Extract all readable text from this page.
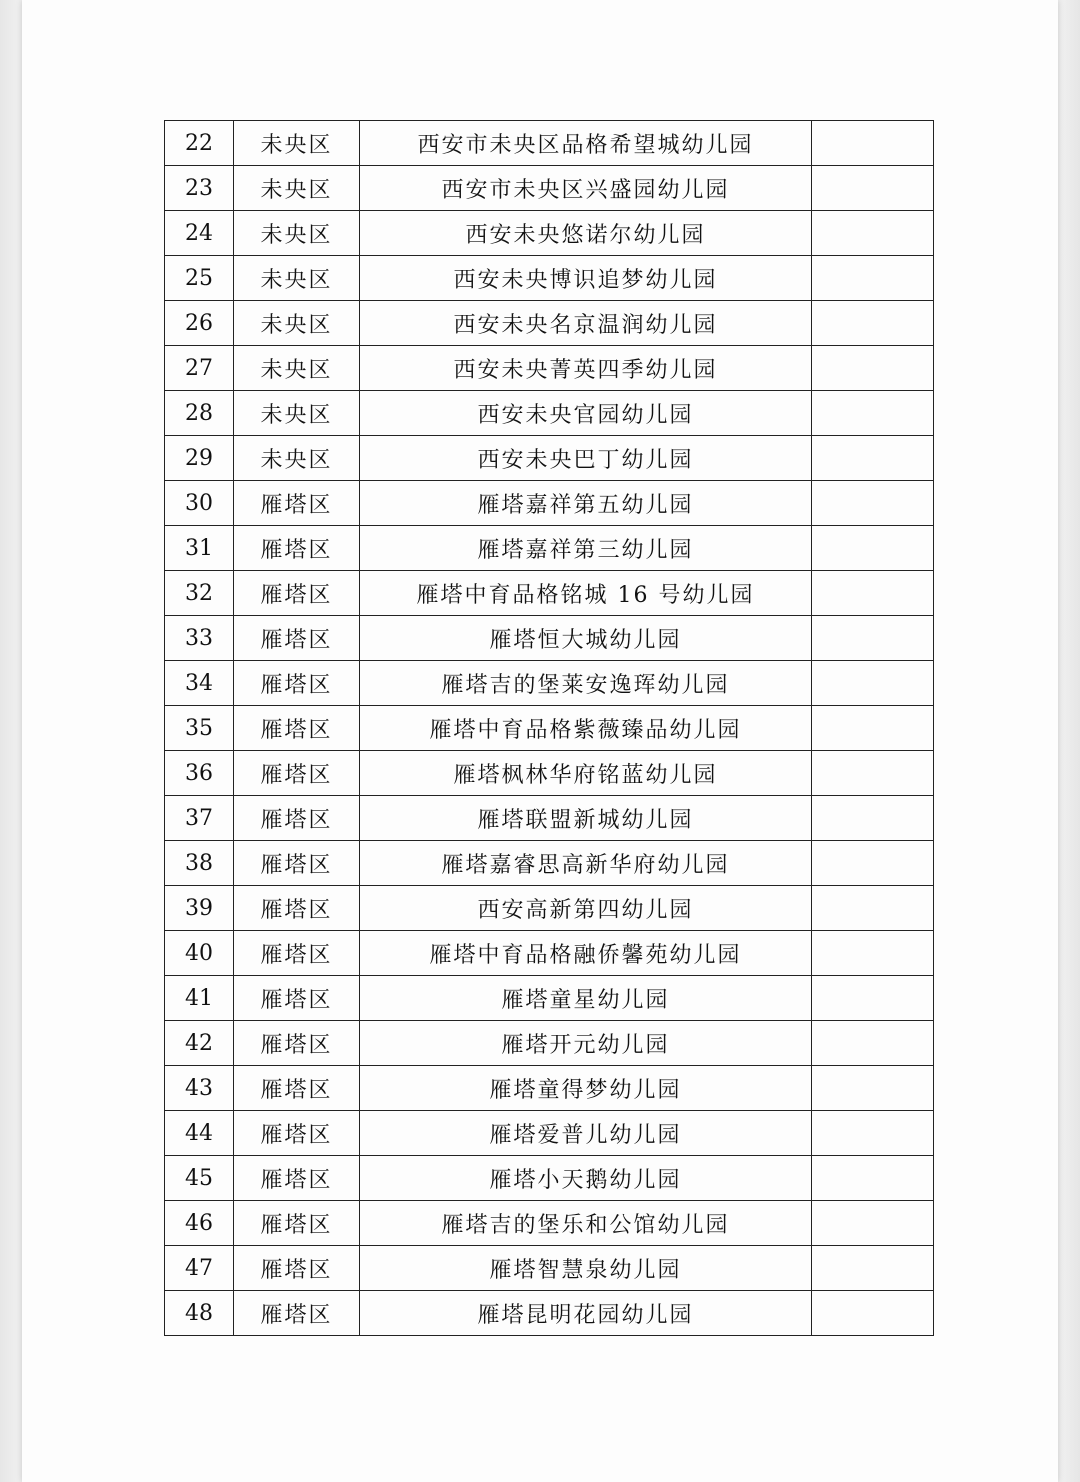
22	未央区	西安市未央区品格希望城幼儿园	
23	未央区	西安市未央区兴盛园幼儿园	
24	未央区	西安未央悠诺尔幼儿园	
25	未央区	西安未央博识追梦幼儿园	
26	未央区	西安未央名京温润幼儿园	
27	未央区	西安未央菁英四季幼儿园	
28	未央区	西安未央官园幼儿园	
29	未央区	西安未央巴丁幼儿园	
30	雁塔区	雁塔嘉祥第五幼儿园	
31	雁塔区	雁塔嘉祥第三幼儿园	
32	雁塔区	雁塔中育品格铭城 16 号幼儿园	
33	雁塔区	雁塔恒大城幼儿园	
34	雁塔区	雁塔吉的堡莱安逸珲幼儿园	
35	雁塔区	雁塔中育品格紫薇臻品幼儿园	
36	雁塔区	雁塔枫林华府铭蓝幼儿园	
37	雁塔区	雁塔联盟新城幼儿园	
38	雁塔区	雁塔嘉睿思高新华府幼儿园	
39	雁塔区	西安高新第四幼儿园	
40	雁塔区	雁塔中育品格融侨馨苑幼儿园	
41	雁塔区	雁塔童星幼儿园	
42	雁塔区	雁塔开元幼儿园	
43	雁塔区	雁塔童得梦幼儿园	
44	雁塔区	雁塔爱普儿幼儿园	
45	雁塔区	雁塔小天鹅幼儿园	
46	雁塔区	雁塔吉的堡乐和公馆幼儿园	
47	雁塔区	雁塔智慧泉幼儿园	
48	雁塔区	雁塔昆明花园幼儿园	
